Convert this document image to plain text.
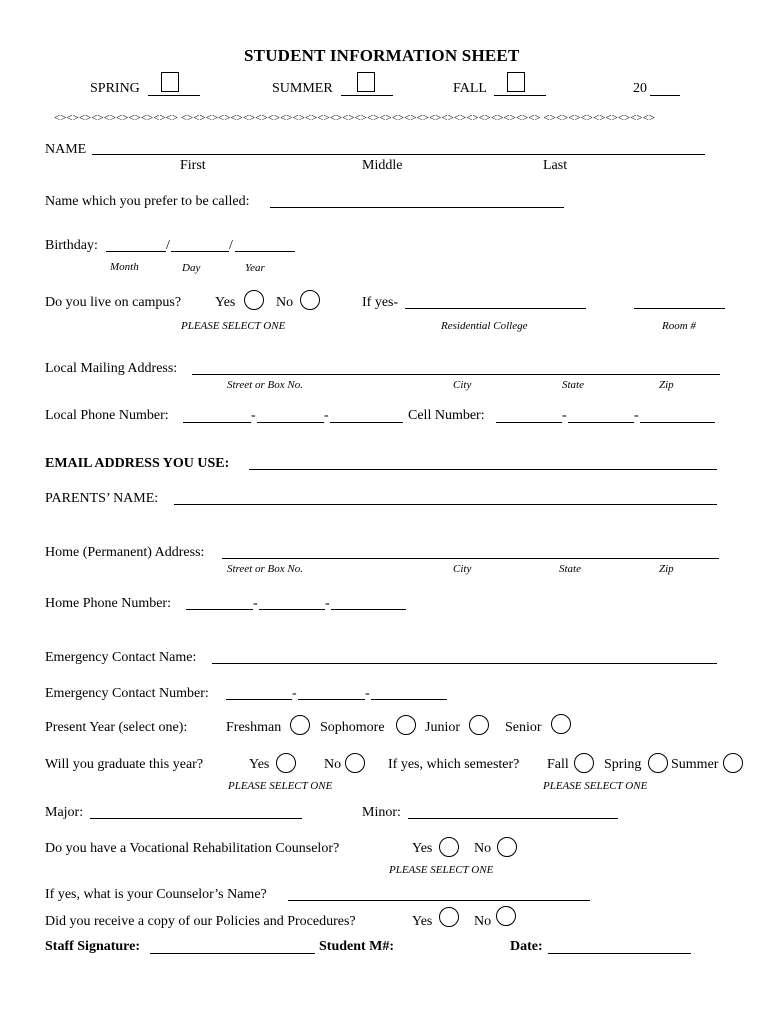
STUDENT INFORMATION SHEET
SPRING	SUMMER	FALL	20
<><><><><><><><><><> <><><><><><><><><><><><><><><><><><><><><><><><><><><><><> <><><><><><><><><>
NAME
First	Middle	Last
Name which you prefer to be called:
Birthday:	/	/
Month	Day	Year
Do you live on campus? Yes	No	If yes-
PLEASE SELECT ONE	Residential College	Room #
Local Mailing Address:
Street or Box No.	City	State	Zip
Local Phone Number:	-	-	Cell Number:	-	-
EMAIL ADDRESS YOU USE:
PARENTS’ NAME:
Home (Permanent) Address:
Street or Box No.	City	State	Zip
Home Phone Number:	-	-
Emergency Contact Name:
Emergency Contact Number:	-	-
Present Year (select one):	Freshman	Sophomore	Junior	Senior
Will you graduate this year?	Yes	No	If yes, which semester? Fall	Spring Summer
PLEASE SELECT ONE	PLEASE SELECT ONE
Major:	Minor:
Do you have a Vocational Rehabilitation Counselor?	Yes	No
PLEASE SELECT ONE
If yes, what is your Counselor’s Name?
Did you receive a copy of our Policies and Procedures?	Yes	No
Staff Signature:	Student M#:	Date:
